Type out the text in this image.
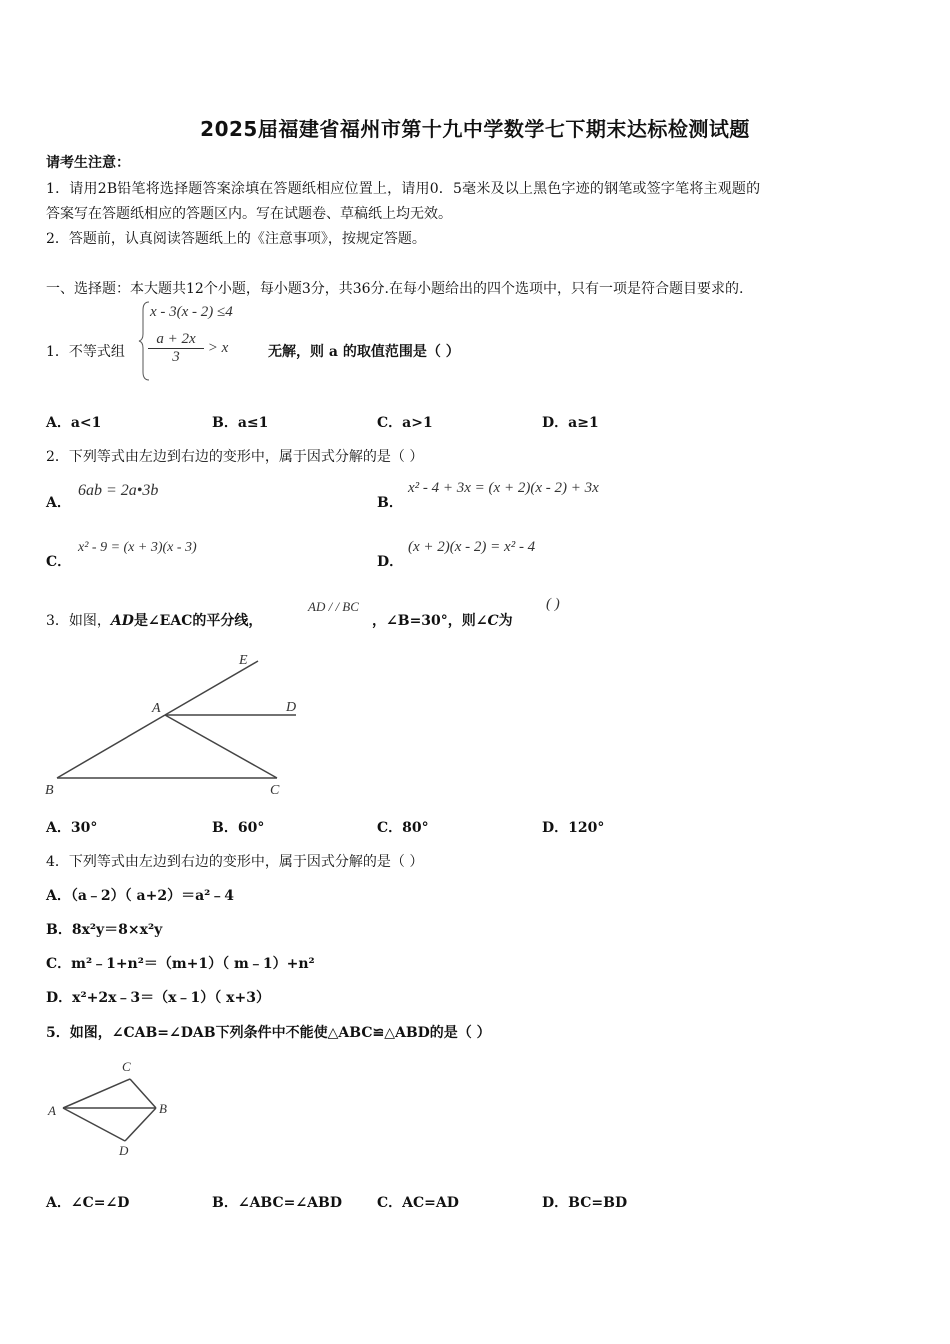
2025届福建省福州市第十九中学数学七下期末达标检测试题
请考生注意：
1．请用2B铅笔将选择题答案涂填在答题纸相应位置上，请用0．5毫米及以上黑色字迹的钢笔或签字笔将主观题的
答案写在答题纸相应的答题区内。写在试题卷、草稿纸上均无效。
2．答题前，认真阅读答题纸上的《注意事项》，按规定答题。
一、选择题：本大题共12个小题，每小题3分，共36分.在每小题给出的四个选项中，只有一项是符合题目要求的.
1．不等式组
x - 3(x - 2) ≤4
$\frac{a + 2x}{3} > x$	无解，则 a 的取值范围是（ ）
A．a<1	B．a≤1	C．a>1	D．a≥1
2．下列等式由左边到右边的变形中，属于因式分解的是（ ）
A．
6ab = 2a•3b
B．
x² - 4 + 3x = (x + 2)(x - 2) + 3x
C．
x² - 9 = (x + 3)(x - 3)
D．
(x + 2)(x - 2) = x² - 4
3．如图，AD是∠EAC的平分线，
AD / / BC
，∠B=30°，则∠C为
( )
E
D
A
B	C
A．30°	B．60°	C．80°	D．120°
4．下列等式由左边到右边的变形中，属于因式分解的是（ ）
A．（a﹣2）（ a+2）＝a²﹣4
B．8x²y＝8×x²y
C．m²﹣1+n²＝（m+1）（ m﹣1）+n²
D．x²+2x﹣3＝（x﹣1）（ x+3）
5．如图，∠CAB=∠DAB下列条件中不能使△ABC≌△ABD的是（ ）
C
A	B
D
A．∠C=∠D	B．∠ABC=∠ABD	C．AC=AD	D．BC=BD
